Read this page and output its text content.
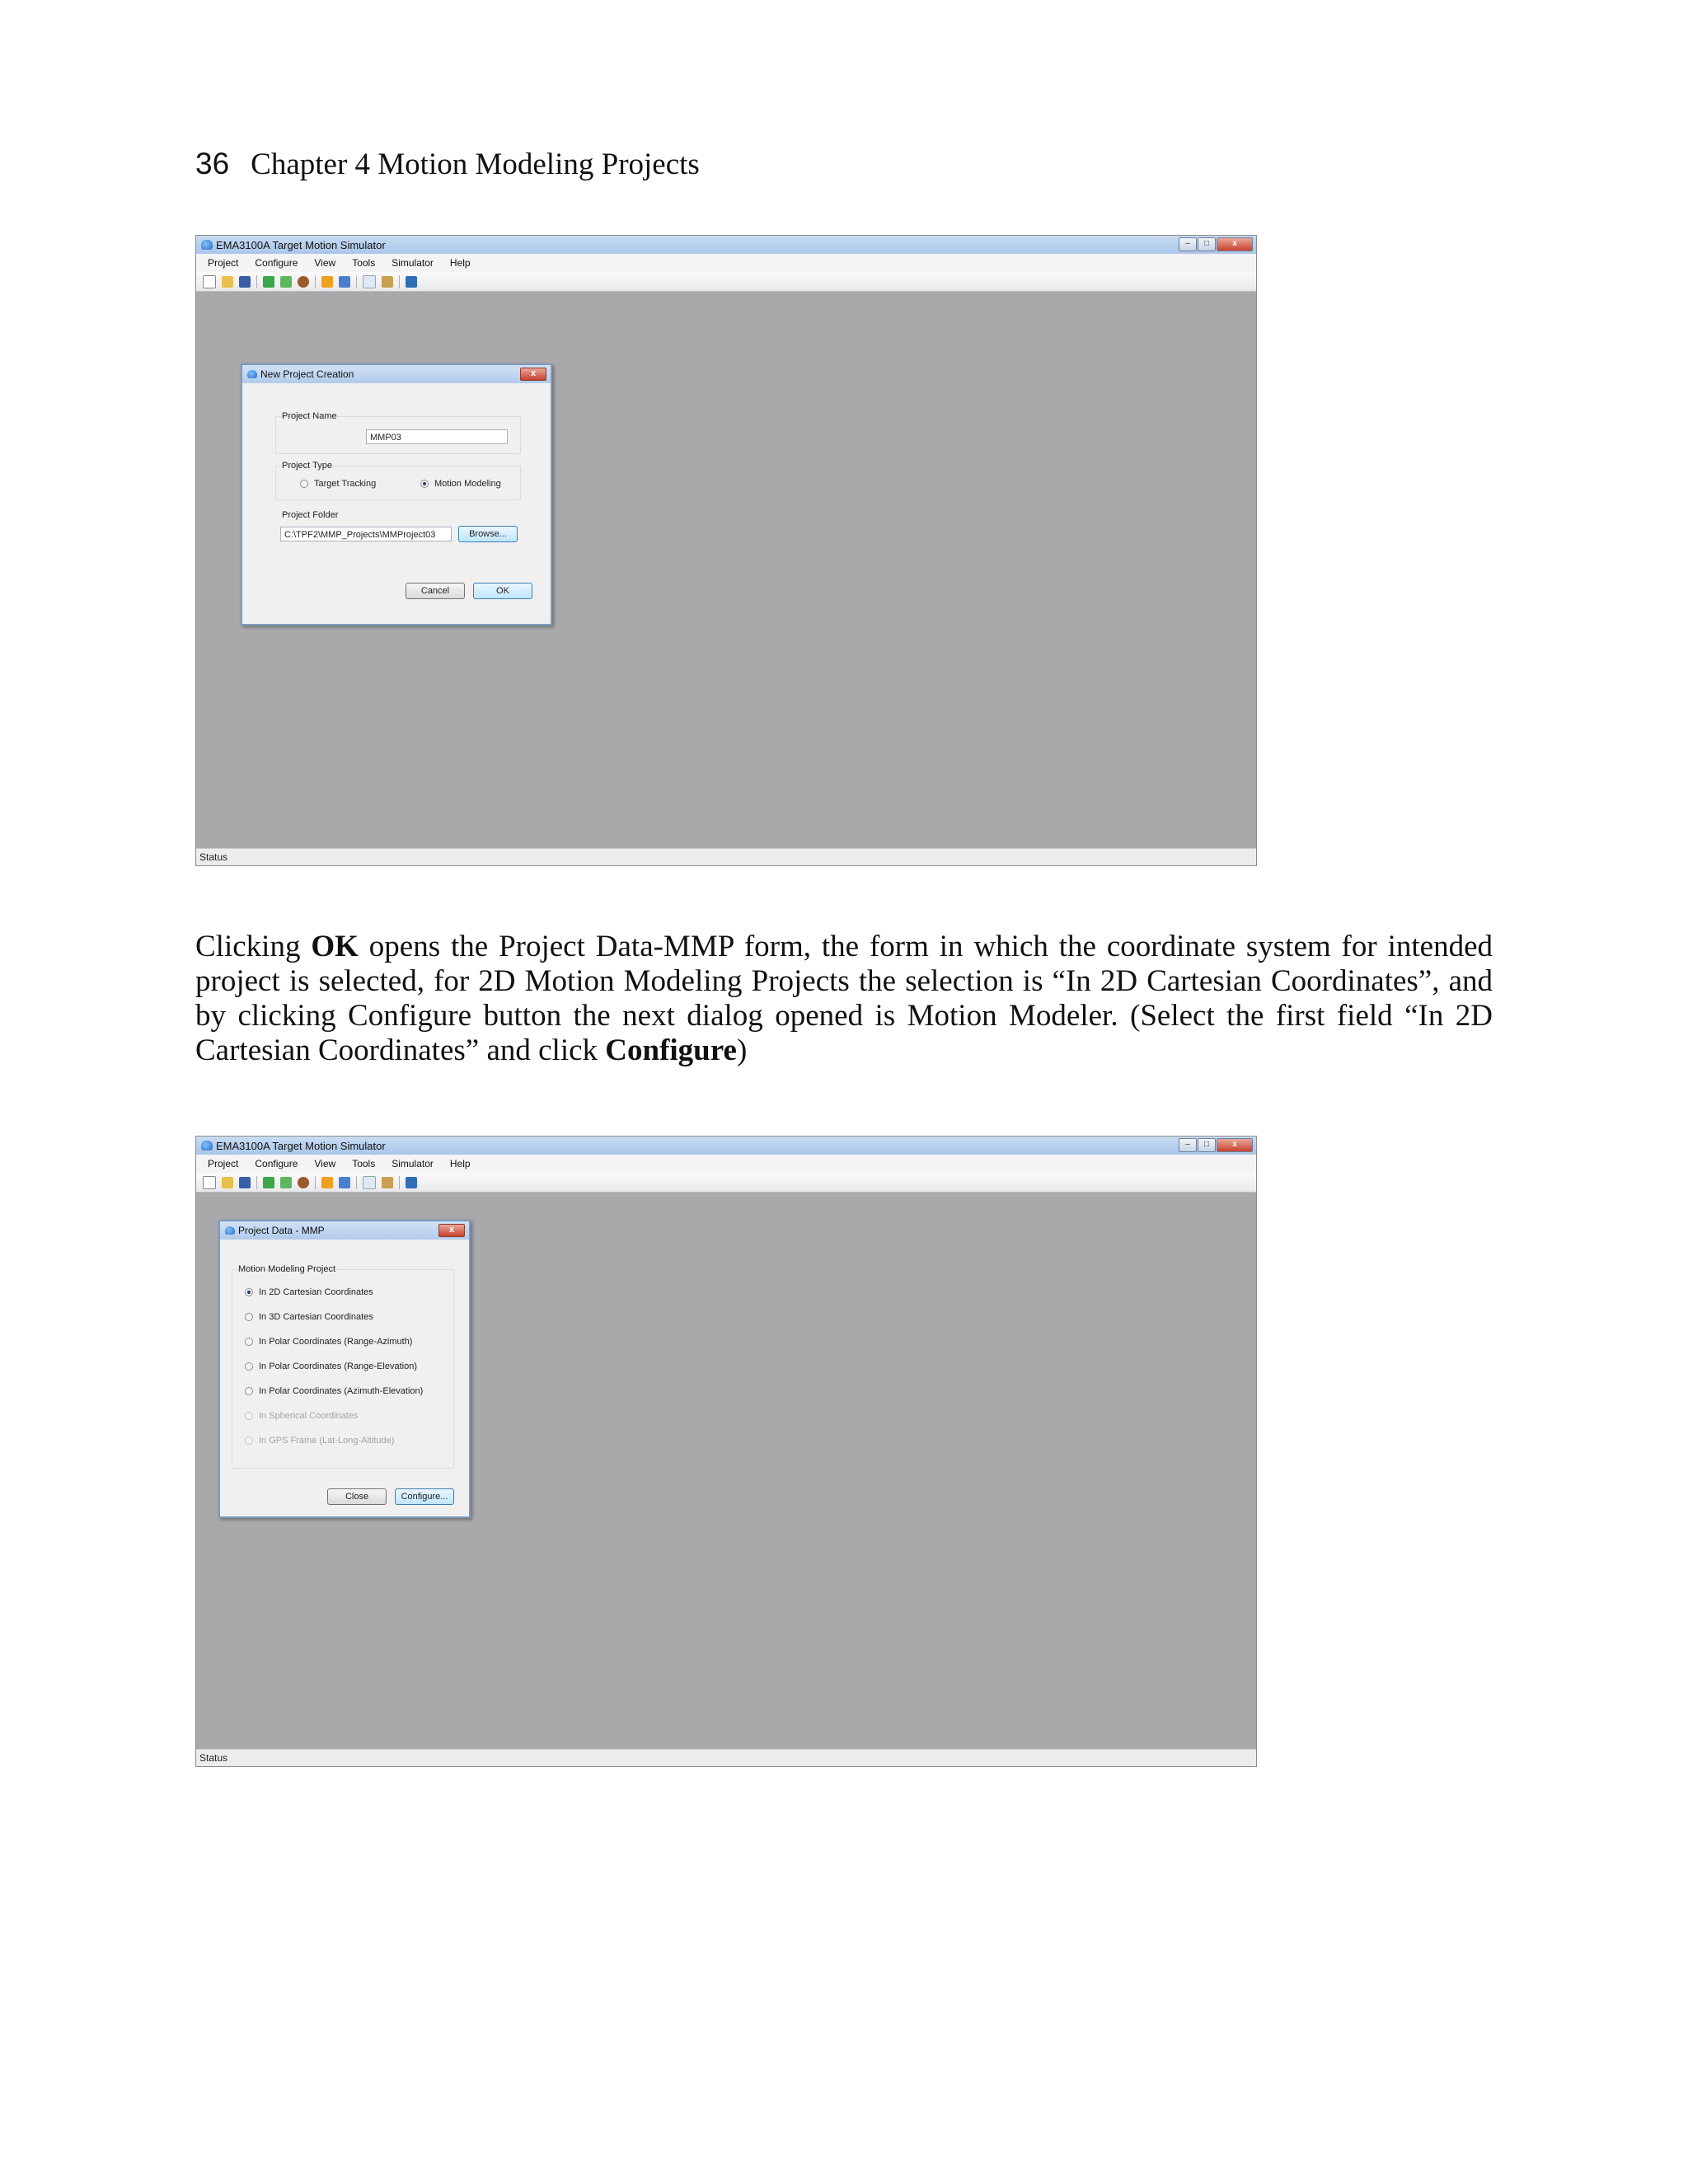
36 Chapter 4 Motion Modeling Projects
EMA3100A Target Motion Simulator	–	□	x
Project Configure View Tools Simulator Help
New Project Creation	x
Project Name
MMP03
Project Type
Target Tracking	Motion Modeling
Project Folder
C:\TPF2\MMP_Projects\MMProject03	Browse...
Cancel	OK
Status
Clicking OK opens the Project Data-MMP form, the form in which the coordinate system for intended project is selected, for 2D Motion Modeling Projects the selection is “In 2D Cartesian Coordinates”, and by clicking Configure button the next dialog opened is Motion Modeler. (Select the first field “In 2D Cartesian Coordinates” and click Configure)
EMA3100A Target Motion Simulator	–	□	x
Project Configure View Tools Simulator Help
Project Data - MMP	x
Motion Modeling Project
In 2D Cartesian Coordinates
In 3D Cartesian Coordinates
In Polar Coordinates (Range-Azimuth)
In Polar Coordinates (Range-Elevation)
In Polar Coordinates (Azimuth-Elevation)
In Spherical Coordinates
In GPS Frame (Lat-Long-Altitude)
Close	Configure...
Status
